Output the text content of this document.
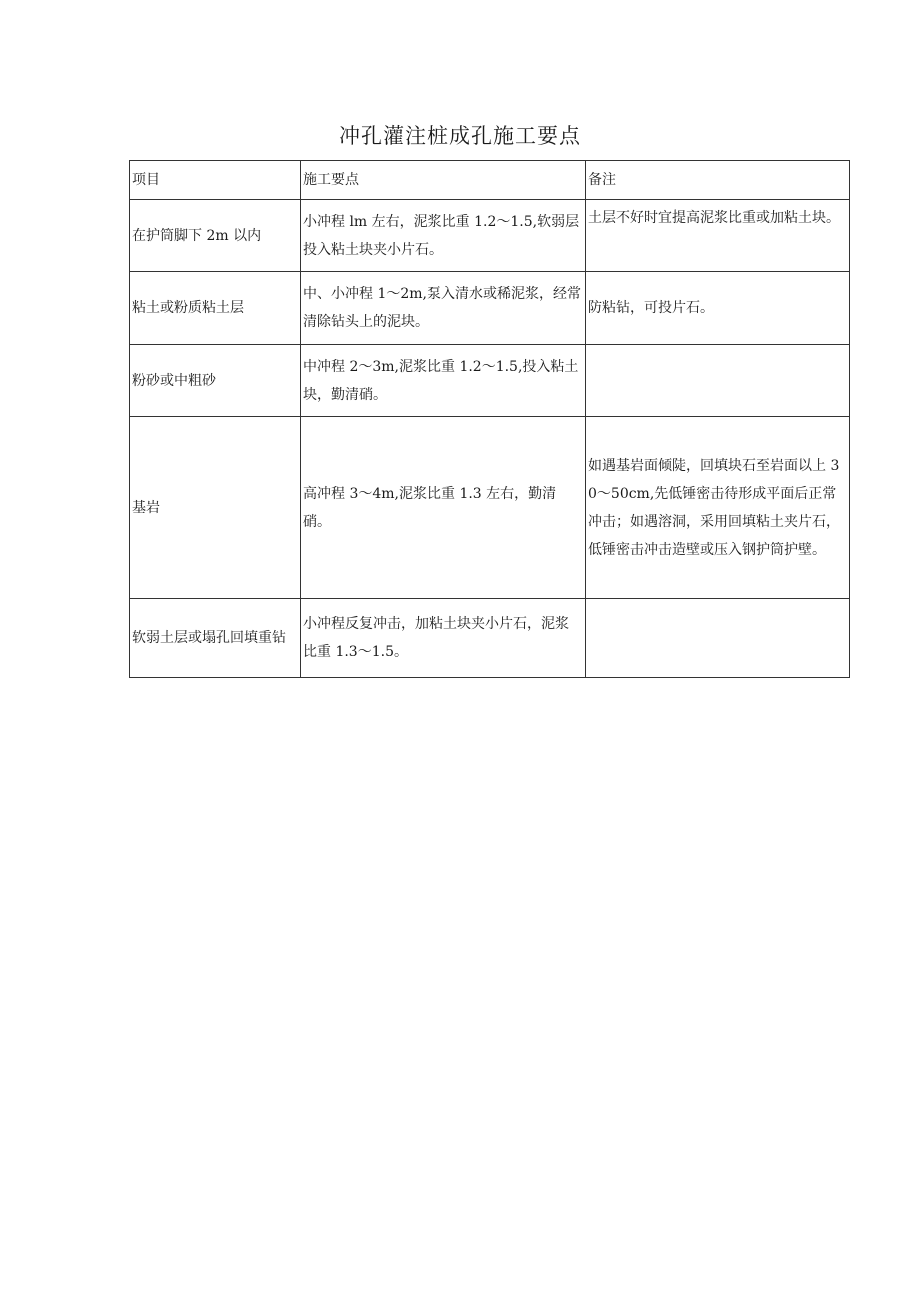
冲孔灌注桩成孔施工要点
项目	施工要点	备注
在护筒脚下 2m 以内	小冲程 lm 左右，泥浆比重 1.2～1.5,软弱层投入粘土块夹小片石。	土层不好时宜提高泥浆比重或加粘土块。
粘土或粉质粘土层	中、小冲程 1～2m,泵入清水或稀泥浆，经常清除钻头上的泥块。	防粘钻，可投片石。
粉砂或中粗砂	中冲程 2～3m,泥浆比重 1.2～1.5,投入粘土块，勤清硝。	
基岩	高冲程 3～4m,泥浆比重 1.3 左右，勤清硝。	如遇基岩面倾陡，回填块石至岩面以上 30～50cm,先低锤密击待形成平面后正常冲击；如遇溶洞，采用回填粘土夹片石，低锤密击冲击造壁或压入钢护筒护壁。
软弱土层或塌孔回填重钻	小冲程反复冲击，加粘土块夹小片石，泥浆比重 1.3～1.5。	
